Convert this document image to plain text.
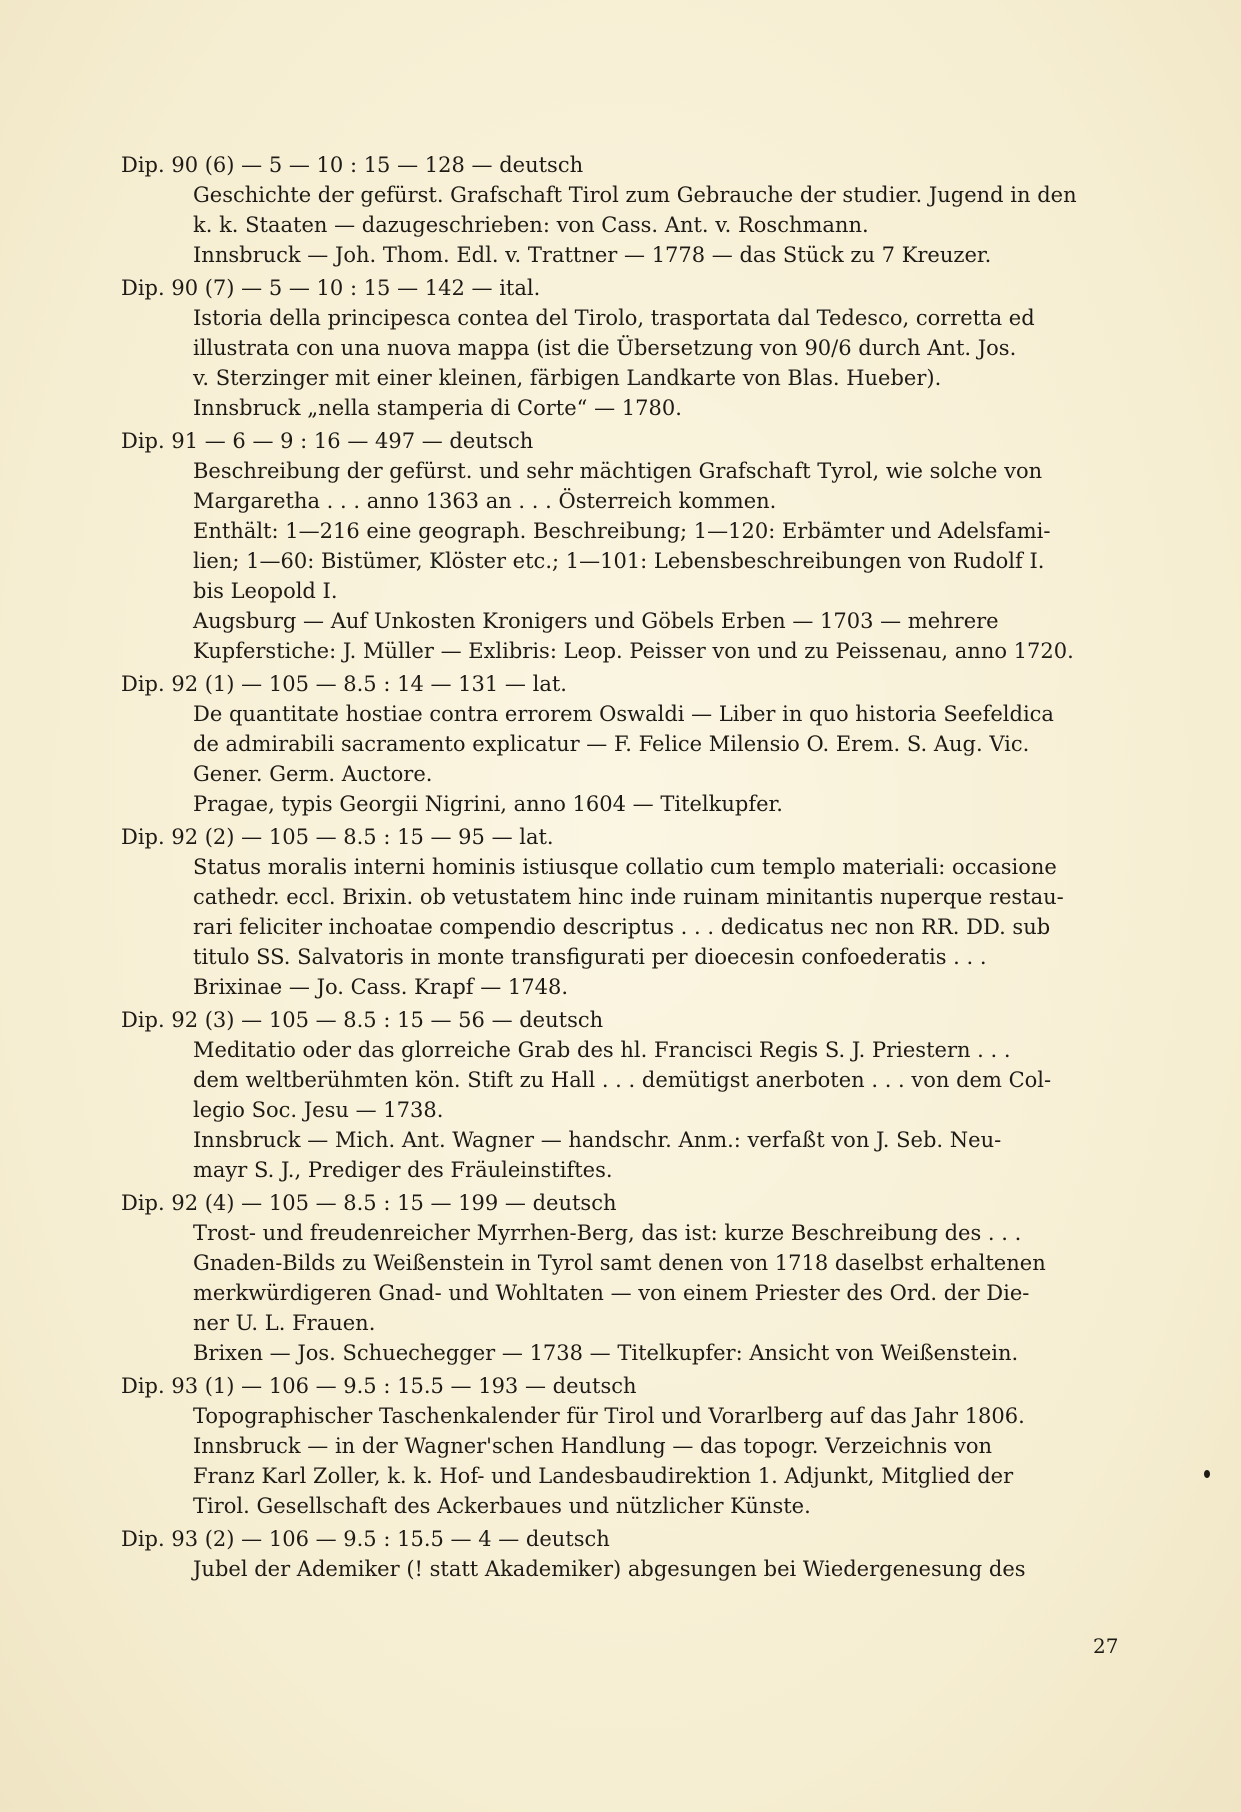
Dip. 90 (6) — 5 — 10 : 15 — 128 — deutsch
Geschichte der gefürst. Grafschaft Tirol zum Gebrauche der studier. Jugend in den
k. k. Staaten — dazugeschrieben: von Cass. Ant. v. Roschmann.
Innsbruck — Joh. Thom. Edl. v. Trattner — 1778 — das Stück zu 7 Kreuzer.
Dip. 90 (7) — 5 — 10 : 15 — 142 — ital.
Istoria della principesca contea del Tirolo, trasportata dal Tedesco, corretta ed
illustrata con una nuova mappa (ist die Übersetzung von 90/6 durch Ant. Jos.
v. Sterzinger mit einer kleinen, färbigen Landkarte von Blas. Hueber).
Innsbruck „nella stamperia di Corte“ — 1780.
Dip. 91 — 6 — 9 : 16 — 497 — deutsch
Beschreibung der gefürst. und sehr mächtigen Grafschaft Tyrol, wie solche von
Margaretha . . . anno 1363 an . . . Österreich kommen.
Enthält: 1—216 eine geograph. Beschreibung; 1—120: Erbämter und Adelsfami-
lien; 1—60: Bistümer, Klöster etc.; 1—101: Lebensbeschreibungen von Rudolf I.
bis Leopold I.
Augsburg — Auf Unkosten Kronigers und Göbels Erben — 1703 — mehrere
Kupferstiche: J. Müller — Exlibris: Leop. Peisser von und zu Peissenau, anno 1720.
Dip. 92 (1) — 105 — 8.5 : 14 — 131 — lat.
De quantitate hostiae contra errorem Oswaldi — Liber in quo historia Seefeldica
de admirabili sacramento explicatur — F. Felice Milensio O. Erem. S. Aug. Vic.
Gener. Germ. Auctore.
Pragae, typis Georgii Nigrini, anno 1604 — Titelkupfer.
Dip. 92 (2) — 105 — 8.5 : 15 — 95 — lat.
Status moralis interni hominis istiusque collatio cum templo materiali: occasione
cathedr. eccl. Brixin. ob vetustatem hinc inde ruinam minitantis nuperque restau-
rari feliciter inchoatae compendio descriptus . . . dedicatus nec non RR. DD. sub
titulo SS. Salvatoris in monte transfigurati per dioecesin confoederatis . . .
Brixinae — Jo. Cass. Krapf — 1748.
Dip. 92 (3) — 105 — 8.5 : 15 — 56 — deutsch
Meditatio oder das glorreiche Grab des hl. Francisci Regis S. J. Priestern . . .
dem weltberühmten kön. Stift zu Hall . . . demütigst anerboten . . . von dem Col-
legio Soc. Jesu — 1738.
Innsbruck — Mich. Ant. Wagner — handschr. Anm.: verfaßt von J. Seb. Neu-
mayr S. J., Prediger des Fräuleinstiftes.
Dip. 92 (4) — 105 — 8.5 : 15 — 199 — deutsch
Trost- und freudenreicher Myrrhen-Berg, das ist: kurze Beschreibung des . . .
Gnaden-Bilds zu Weißenstein in Tyrol samt denen von 1718 daselbst erhaltenen
merkwürdigeren Gnad- und Wohltaten — von einem Priester des Ord. der Die-
ner U. L. Frauen.
Brixen — Jos. Schuechegger — 1738 — Titelkupfer: Ansicht von Weißenstein.
Dip. 93 (1) — 106 — 9.5 : 15.5 — 193 — deutsch
Topographischer Taschenkalender für Tirol und Vorarlberg auf das Jahr 1806.
Innsbruck — in der Wagner'schen Handlung — das topogr. Verzeichnis von
Franz Karl Zoller, k. k. Hof- und Landesbaudirektion 1. Adjunkt, Mitglied der
Tirol. Gesellschaft des Ackerbaues und nützlicher Künste.
Dip. 93 (2) — 106 — 9.5 : 15.5 — 4 — deutsch
Jubel der Ademiker (! statt Akademiker) abgesungen bei Wiedergenesung des
27
